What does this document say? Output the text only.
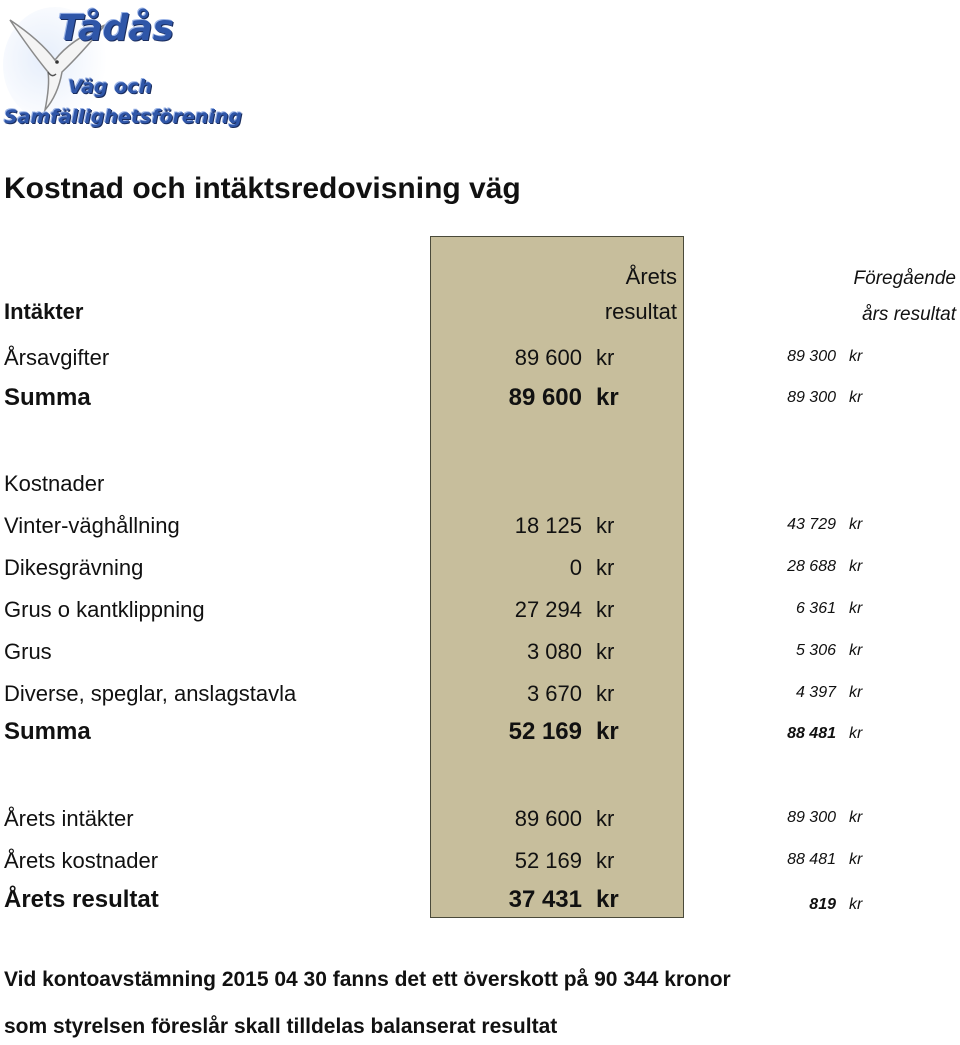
Tådås
Väg och
Samfällighetsförening
Kostnad och intäktsredovisning väg
Intäkter
Årets
resultat
Föregående
års resultat
Årsavgifter	89 600 kr	89 300 kr
Summa	89 600 kr	89 300 kr
Kostnader
Vinter-väghållning	18 125 kr	43 729 kr
Dikesgrävning	0 kr	28 688 kr
Grus o kantklippning	27 294 kr	6 361 kr
Grus	3 080 kr	5 306 kr
Diverse, speglar, anslagstavla	3 670 kr	4 397 kr
Summa	52 169 kr	88 481 kr
Årets intäkter	89 600 kr	89 300 kr
Årets kostnader	52 169 kr	88 481 kr
Årets resultat	37 431 kr	819 kr
Vid kontoavstämning 2015 04 30 fanns det ett överskott på 90 344 kronor
som styrelsen föreslår skall tilldelas balanserat resultat
